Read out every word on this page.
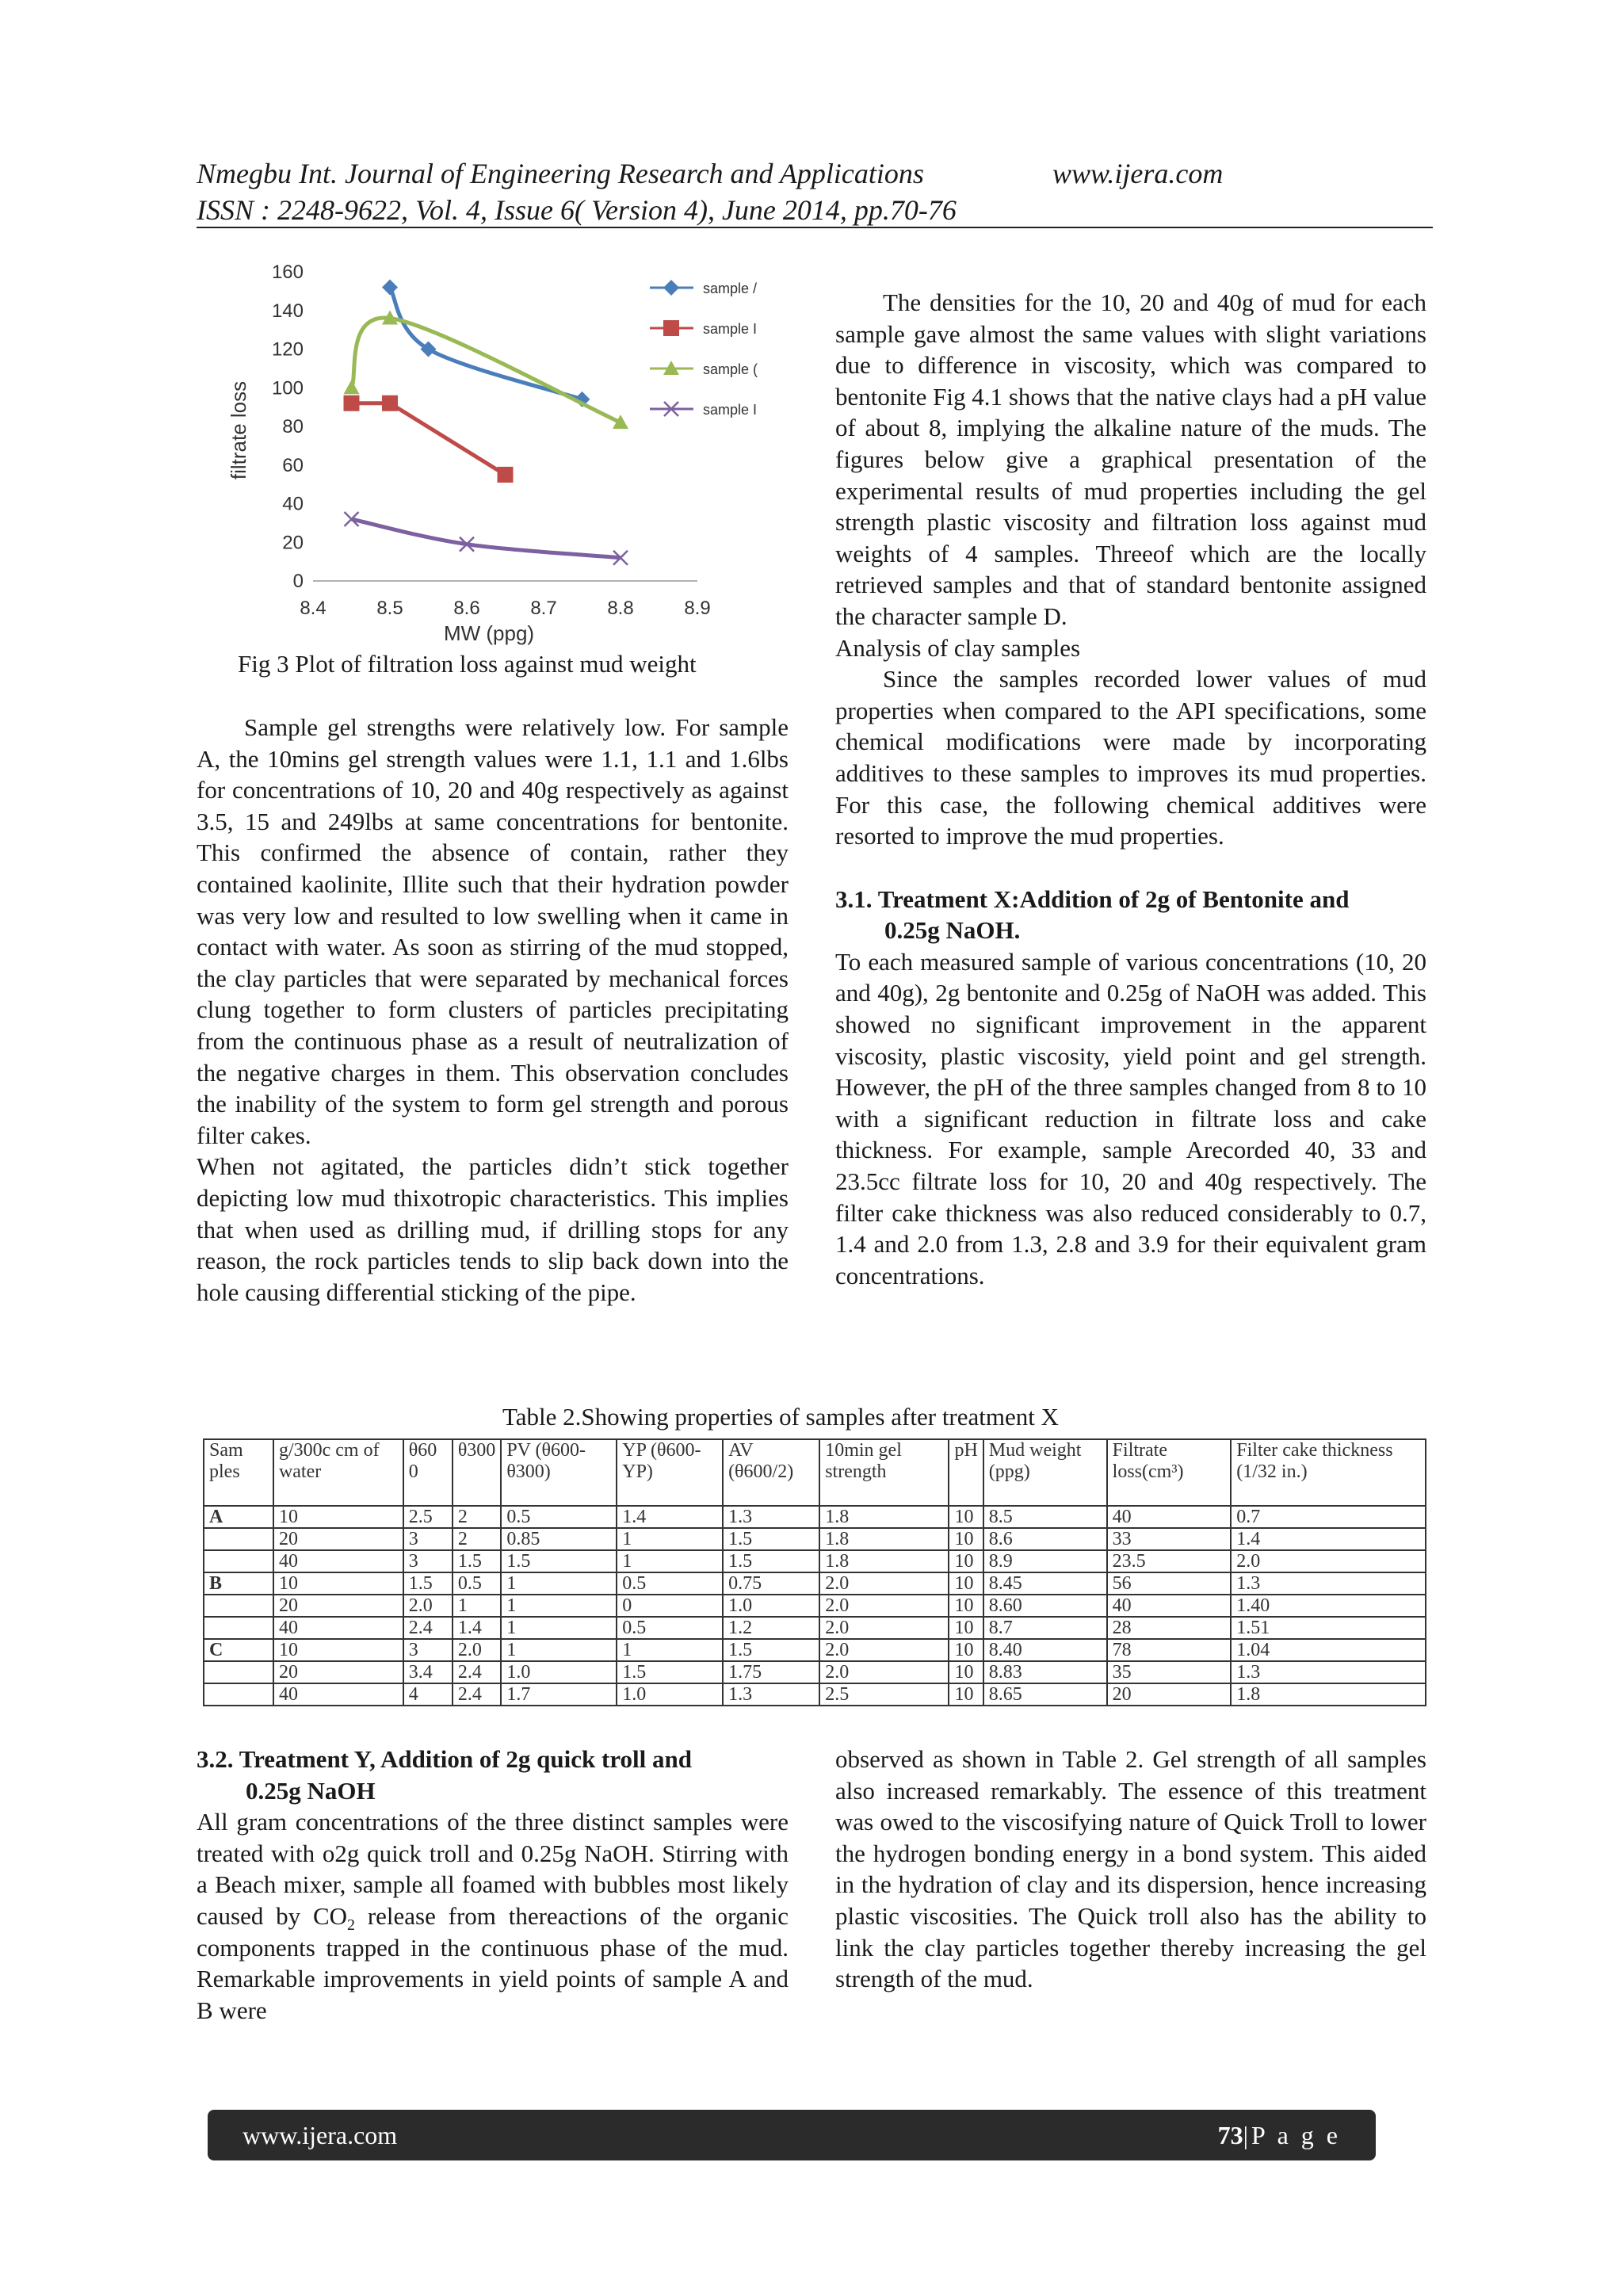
Nmegbu Int. Journal of Engineering Research and Applications	www.ijera.com
ISSN : 2248-9622, Vol. 4, Issue 6( Version 4), June 2014, pp.70-76
0
20
40
60
80
100
120
140
160
8.4	8.5	8.6	8.7	8.8	8.9
sample /
sample I
sample (
sample I
MW (ppg)
filtrate loss
Fig 3 Plot of filtration loss against mud weight

Sample gel strengths were relatively low. For sample A, the 10mins gel strength values were 1.1, 1.1 and 1.6lbs for concentrations of 10, 20 and 40g respectively as against 3.5, 15 and 249lbs at same concentrations for bentonite. This confirmed the absence of contain, rather they contained kaolinite, Illite such that their hydration powder was very low and resulted to low swelling when it came in contact with water. As soon as stirring of the mud stopped, the clay particles that were separated by mechanical forces clung together to form clusters of particles precipitating from the continuous phase as a result of neutralization of the negative charges in them. This observation concludes the inability of the system to form gel strength and porous filter cakes.

When not agitated, the particles didn’t stick together depicting low mud thixotropic characteristics. This implies that when used as drilling mud, if drilling stops for any reason, the rock particles tends to slip back down into the hole causing differential sticking of the pipe.

The densities for the 10, 20 and 40g of mud for each sample gave almost the same values with slight variations due to difference in viscosity, which was compared to bentonite Fig 4.1 shows that the native clays had a pH value of about 8, implying the alkaline nature of the muds. The figures below give a graphical presentation of the experimental results of mud properties including the gel strength plastic viscosity and filtration loss against mud weights of 4 samples. Threeof which are the locally retrieved samples and that of standard bentonite assigned the character sample D.

Analysis of clay samples

Since the samples recorded lower values of mud properties when compared to the API specifications, some chemical modifications were made by incorporating additives to these samples to improves its mud properties. For this case, the following chemical additives were resorted to improve the mud properties.

3.1. Treatment X:Addition of 2g of Bentonite and
0.25g NaOH.

To each measured sample of various concentrations (10, 20 and 40g), 2g bentonite and 0.25g of NaOH was added. This showed no significant improvement in the apparent viscosity, plastic viscosity, yield point and gel strength. However, the pH of the three samples changed from 8 to 10 with a significant reduction in filtrate loss and cake thickness. For example, sample Arecorded 40, 33 and 23.5cc filtrate loss for 10, 20 and 40g respectively. The filter cake thickness was also reduced considerably to 0.7, 1.4 and 2.0 from 1.3, 2.8 and 3.9 for their equivalent gram concentrations.

Table 2.Showing properties of samples after treatment X
Sam ples	g/300c cm of water	θ60 0	θ300	PV (θ600- θ300)	YP (θ600- YP)	AV (θ600/2)	10min gel strength	pH	Mud weight (ppg)	Filtrate loss(cm³)	Filter cake thickness (1/32 in.)
A	10	2.5	2	0.5	1.4	1.3	1.8	10	8.5	40	0.7
	20	3	2	0.85	1	1.5	1.8	10	8.6	33	1.4
	40	3	1.5	1.5	1	1.5	1.8	10	8.9	23.5	2.0
B	10	1.5	0.5	1	0.5	0.75	2.0	10	8.45	56	1.3
	20	2.0	1	1	0	1.0	2.0	10	8.60	40	1.40
	40	2.4	1.4	1	0.5	1.2	2.0	10	8.7	28	1.51
C	10	3	2.0	1	1	1.5	2.0	10	8.40	78	1.04
	20	3.4	2.4	1.0	1.5	1.75	2.0	10	8.83	35	1.3
	40	4	2.4	1.7	1.0	1.3	2.5	10	8.65	20	1.8

3.2. Treatment Y, Addition of 2g quick troll and
0.25g NaOH

All gram concentrations of the three distinct samples were treated with o2g quick troll and 0.25g NaOH. Stirring with a Beach mixer, sample all foamed with bubbles most likely caused by $CO_2$ release from thereactions of the organic components trapped in the continuous phase of the mud. Remarkable improvements in yield points of sample A and B were

observed as shown in Table 2. Gel strength of all samples also increased remarkably. The essence of this treatment was owed to the viscosifying nature of Quick Troll to lower the hydrogen bonding energy in a bond system. This aided in the hydration of clay and its dispersion, hence increasing plastic viscosities. The Quick troll also has the ability to link the clay particles together thereby increasing the gel strength of the mud.

www.ijera.com	73|P a g e
